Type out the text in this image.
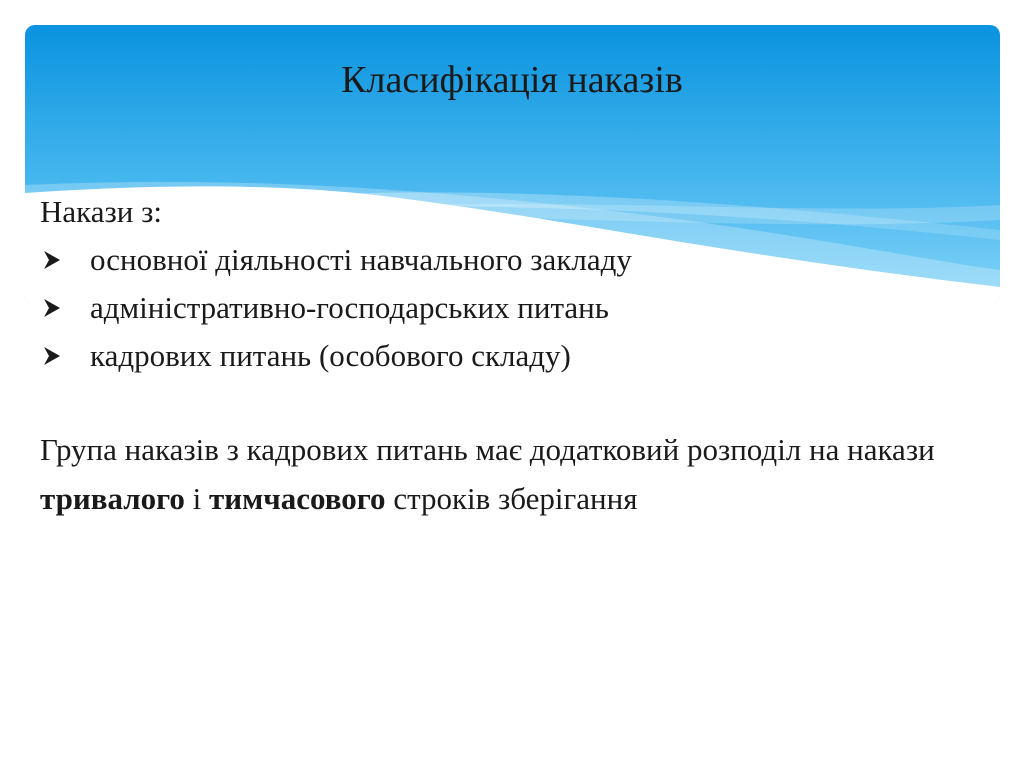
Класифікація наказів

Накази з:

основної діяльності навчального закладу
адміністративно-господарських питань
кадрових питань (особового складу)

Група наказів з кадрових питань має додатковий розподіл на накази тривалого і тимчасового строків зберігання
